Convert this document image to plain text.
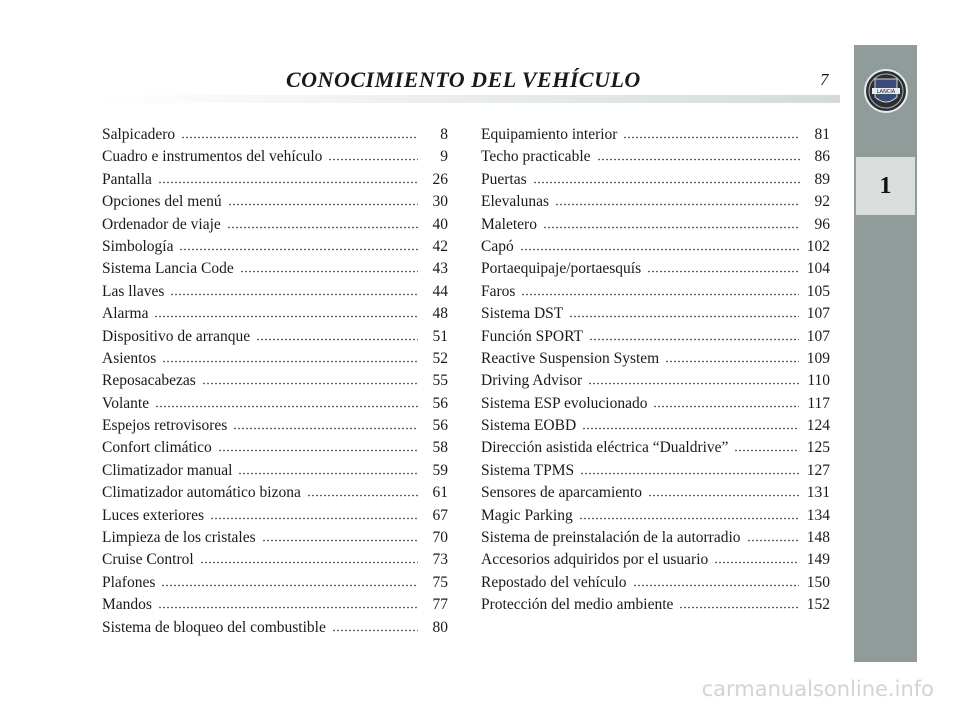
CONOCIMIENTO DEL VEHÍCULO	7
LANCIA
1
Salpicadero	8
Cuadro e instrumentos del vehículo	9
Pantalla	26
Opciones del menú	30
Ordenador de viaje	40
Simbología	42
Sistema Lancia Code	43
Las llaves	44
Alarma	48
Dispositivo de arranque	51
Asientos	52
Reposacabezas	55
Volante	56
Espejos retrovisores	56
Confort climático	58
Climatizador manual	59
Climatizador automático bizona	61
Luces exteriores	67
Limpieza de los cristales	70
Cruise Control	73
Plafones	75
Mandos	77
Sistema de bloqueo del combustible	80
Equipamiento interior	81
Techo practicable	86
Puertas	89
Elevalunas	92
Maletero	96
Capó	102
Portaequipaje/portaesquís	104
Faros	105
Sistema DST	107
Función SPORT	107
Reactive Suspension System	109
Driving Advisor	110
Sistema ESP evolucionado	117
Sistema EOBD	124
Dirección asistida eléctrica “Dualdrive”	125
Sistema TPMS	127
Sensores de aparcamiento	131
Magic Parking	134
Sistema de preinstalación de la autorradio	148
Accesorios adquiridos por el usuario	149
Repostado del vehículo	150
Protección del medio ambiente	152
carmanualsonline.info
